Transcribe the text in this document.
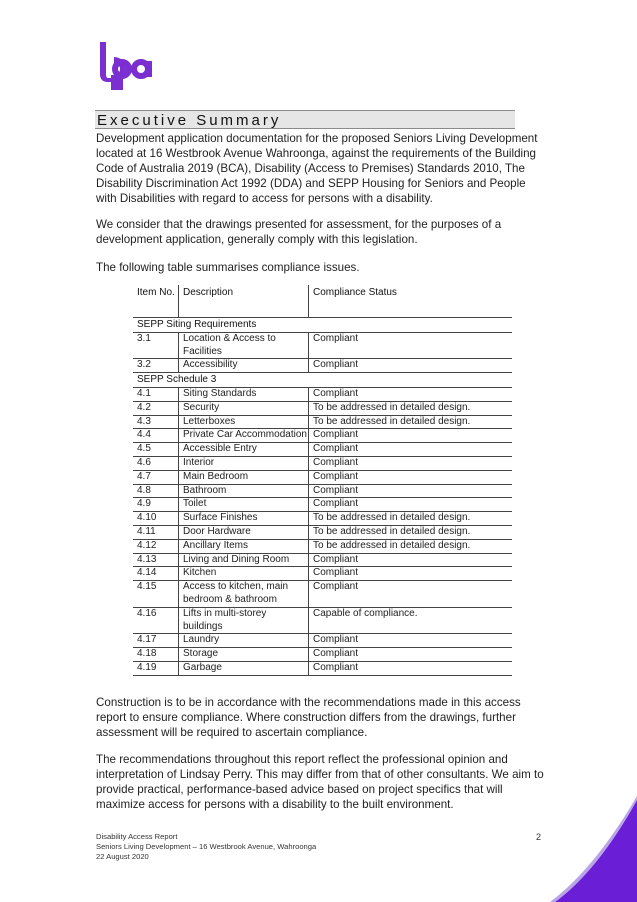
Executive Summary

Development application documentation for the proposed Seniors Living Development located at 16 Westbrook Avenue Wahroonga, against the requirements of the Building Code of Australia 2019 (BCA), Disability (Access to Premises) Standards 2010, The Disability Discrimination Act 1992 (DDA) and SEPP Housing for Seniors and People with Disabilities with regard to access for persons with a disability.

We consider that the drawings presented for assessment, for the purposes of a development application, generally comply with this legislation.

The following table summarises compliance issues.

Item No.	Description	Compliance Status
SEPP Siting Requirements		
3.1	Location & Access to Facilities	Compliant
3.2	Accessibility	Compliant
SEPP Schedule 3		
4.1	Siting Standards	Compliant
4.2	Security	To be addressed in detailed design.
4.3	Letterboxes	To be addressed in detailed design.
4.4	Private Car Accommodation	Compliant
4.5	Accessible Entry	Compliant
4.6	Interior	Compliant
4.7	Main Bedroom	Compliant
4.8	Bathroom	Compliant
4.9	Toilet	Compliant
4.10	Surface Finishes	To be addressed in detailed design.
4.11	Door Hardware	To be addressed in detailed design.
4.12	Ancillary Items	To be addressed in detailed design.
4.13	Living and Dining Room	Compliant
4.14	Kitchen	Compliant
4.15	Access to kitchen, main bedroom & bathroom	Compliant
4.16	Lifts in multi-storey buildings	Capable of compliance.
4.17	Laundry	Compliant
4.18	Storage	Compliant
4.19	Garbage	Compliant

Construction is to be in accordance with the recommendations made in this access report to ensure compliance. Where construction differs from the drawings, further assessment will be required to ascertain compliance.

The recommendations throughout this report reflect the professional opinion and interpretation of Lindsay Perry. This may differ from that of other consultants. We aim to provide practical, performance-based advice based on project specifics that will maximize access for persons with a disability to the built environment.

Disability Access Report
Seniors Living Development – 16 Westbrook Avenue, Wahroonga
22 August 2020
2
